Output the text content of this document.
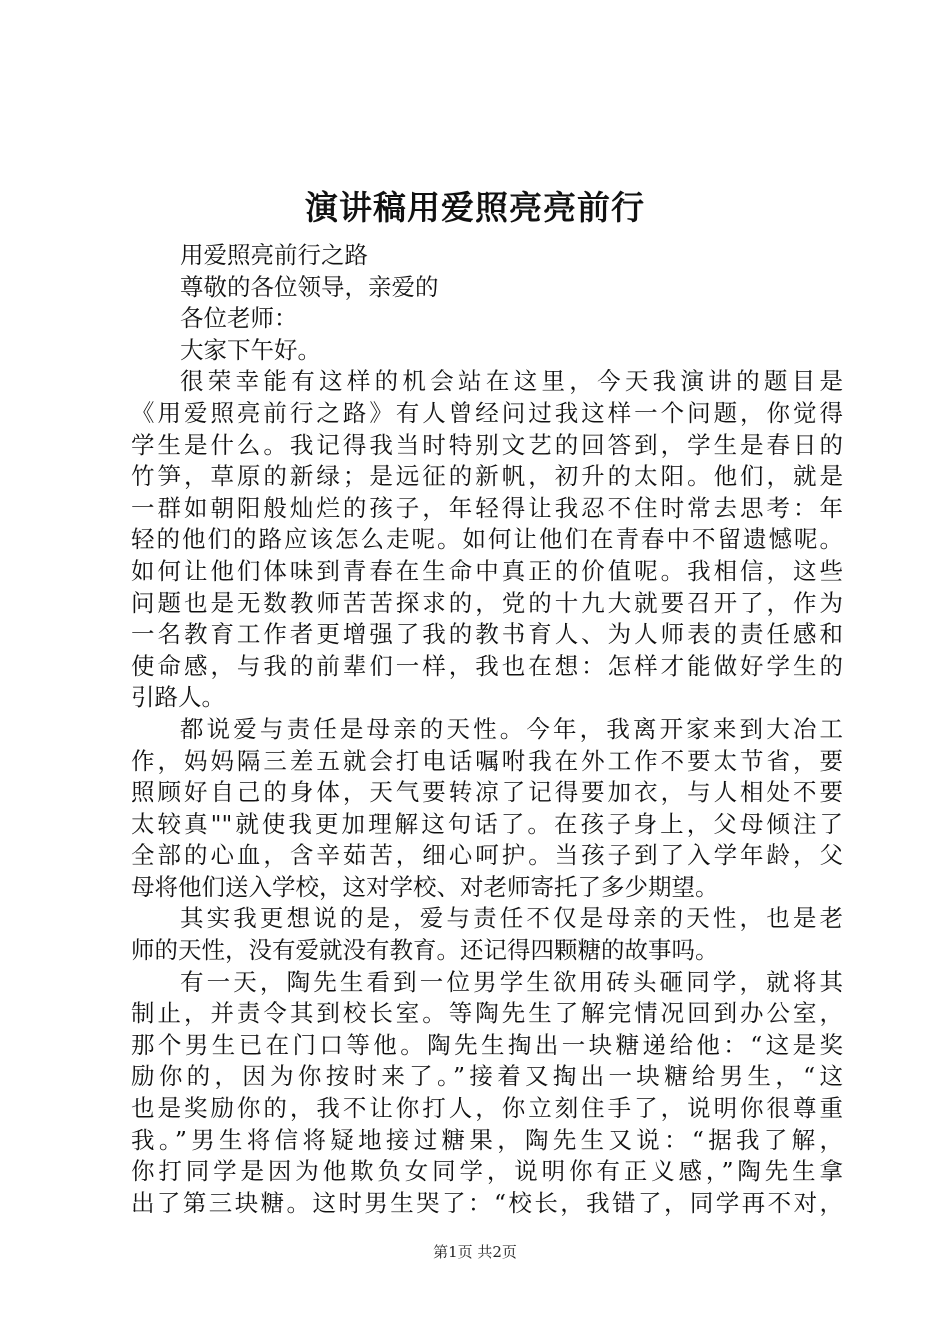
演讲稿用爱照亮亮前行
用爱照亮前行之路
尊敬的各位领导，亲爱的
各位老师：
大家下午好。
很荣幸能有这样的机会站在这里，今天我演讲的题目是
《用爱照亮前行之路》有人曾经问过我这样一个问题，你觉得
学生是什么。我记得我当时特别文艺的回答到，学生是春日的
竹笋，草原的新绿；是远征的新帆，初升的太阳。他们，就是
一群如朝阳般灿烂的孩子，年轻得让我忍不住时常去思考：年
轻的他们的路应该怎么走呢。如何让他们在青春中不留遗憾呢。
如何让他们体味到青春在生命中真正的价值呢。我相信，这些
问题也是无数教师苦苦探求的，党的十九大就要召开了，作为
一名教育工作者更增强了我的教书育人、为人师表的责任感和
使命感，与我的前辈们一样，我也在想：怎样才能做好学生的
引路人。
都说爱与责任是母亲的天性。今年，我离开家来到大冶工
作，妈妈隔三差五就会打电话嘱咐我在外工作不要太节省，要
照顾好自己的身体，天气要转凉了记得要加衣，与人相处不要
太较真""就使我更加理解这句话了。在孩子身上，父母倾注了
全部的心血，含辛茹苦，细心呵护。当孩子到了入学年龄，父
母将他们送入学校，这对学校、对老师寄托了多少期望。
其实我更想说的是，爱与责任不仅是母亲的天性，也是老
师的天性，没有爱就没有教育。还记得四颗糖的故事吗。
有一天，陶先生看到一位男学生欲用砖头砸同学，就将其
制止，并责令其到校长室。等陶先生了解完情况回到办公室，
那个男生已在门口等他。陶先生掏出一块糖递给他：“这是奖
励你的，因为你按时来了。”接着又掏出一块糖给男生，“这
也是奖励你的，我不让你打人，你立刻住手了，说明你很尊重
我。”男生将信将疑地接过糖果，陶先生又说：“据我了解，
你打同学是因为他欺负女同学，说明你有正义感，”陶先生拿
出了第三块糖。这时男生哭了：“校长，我错了，同学再不对，
第1页 共2页
